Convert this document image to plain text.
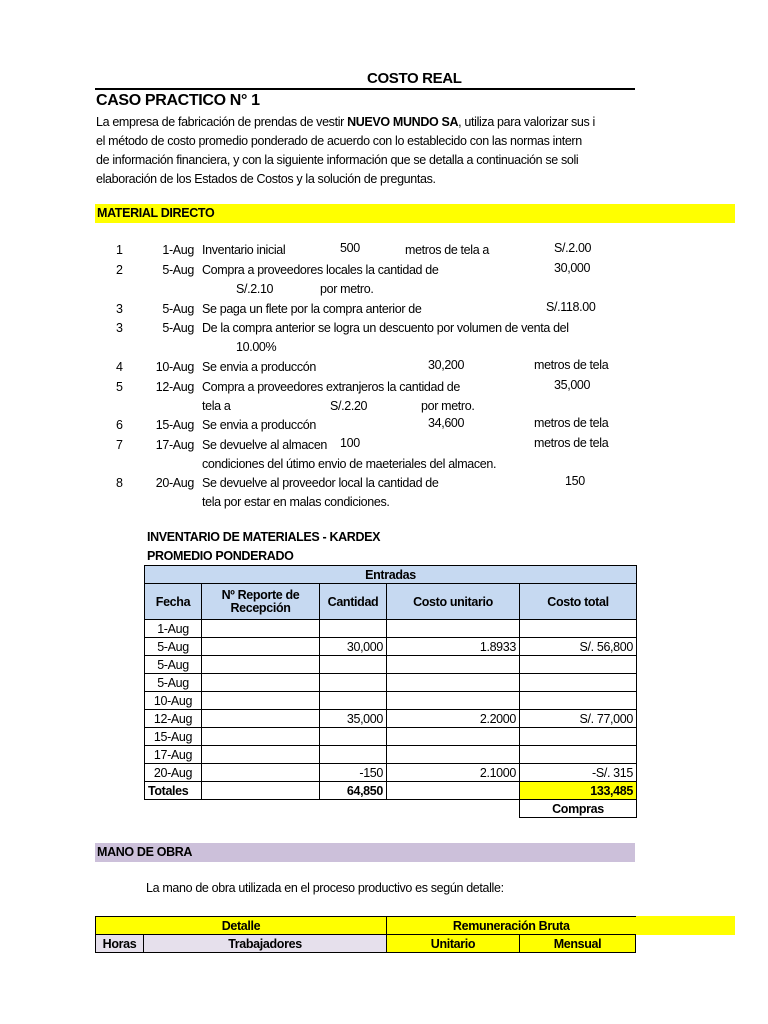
COSTO REAL
CASO PRACTICO N° 1
La empresa de fabricación de prendas de vestir NUEVO MUNDO SA, utiliza para valorizar sus i
el método de costo promedio ponderado de acuerdo con lo establecido con las normas intern
de información financiera, y con la siguiente información que se detalla a continuación se soli
elaboración de los Estados de Costos y la solución de preguntas.
MATERIAL DIRECTO
1	1-Aug Inventario inicial	500	metros de tela a	S/.2.00
2	5-Aug Compra a proveedores locales la cantidad de	30,000
S/.2.10	por metro.
3	5-Aug Se paga un flete por la compra anterior de	S/.118.00
3	5-Aug De la compra anterior se logra un descuento por volumen de venta del
10.00%
4	10-Aug Se envia a produccón	30,200	metros de tela
5	12-Aug Compra a proveedores extranjeros la cantidad de	35,000
tela a	S/.2.20	por metro.
6	15-Aug Se envia a produccón	34,600	metros de tela
7	17-Aug Se devuelve al almacen 100	metros de tela
condiciones del útimo envio de maeteriales del almacen.
8	20-Aug Se devuelve al proveedor local la cantidad de	150
tela por estar en malas condiciones.
INVENTARIO DE MATERIALES - KARDEX
PROMEDIO PONDERADO
Entradas				
Fecha	Nº Reporte de Recepción	Cantidad	Costo unitario	Costo total
1-Aug				
5-Aug		30,000	1.8933	S/. 56,800
5-Aug				
5-Aug				
10-Aug				
12-Aug		35,000	2.2000	S/. 77,000
15-Aug				
17-Aug				
20-Aug		-150	2.1000	-S/. 315
Totales		64,850		133,485
				Compras
MANO DE OBRA
La mano de obra utilizada en el proceso productivo es según detalle:
Detalle		Remuneración Bruta	
Horas	Trabajadores	Unitario	Mensual
